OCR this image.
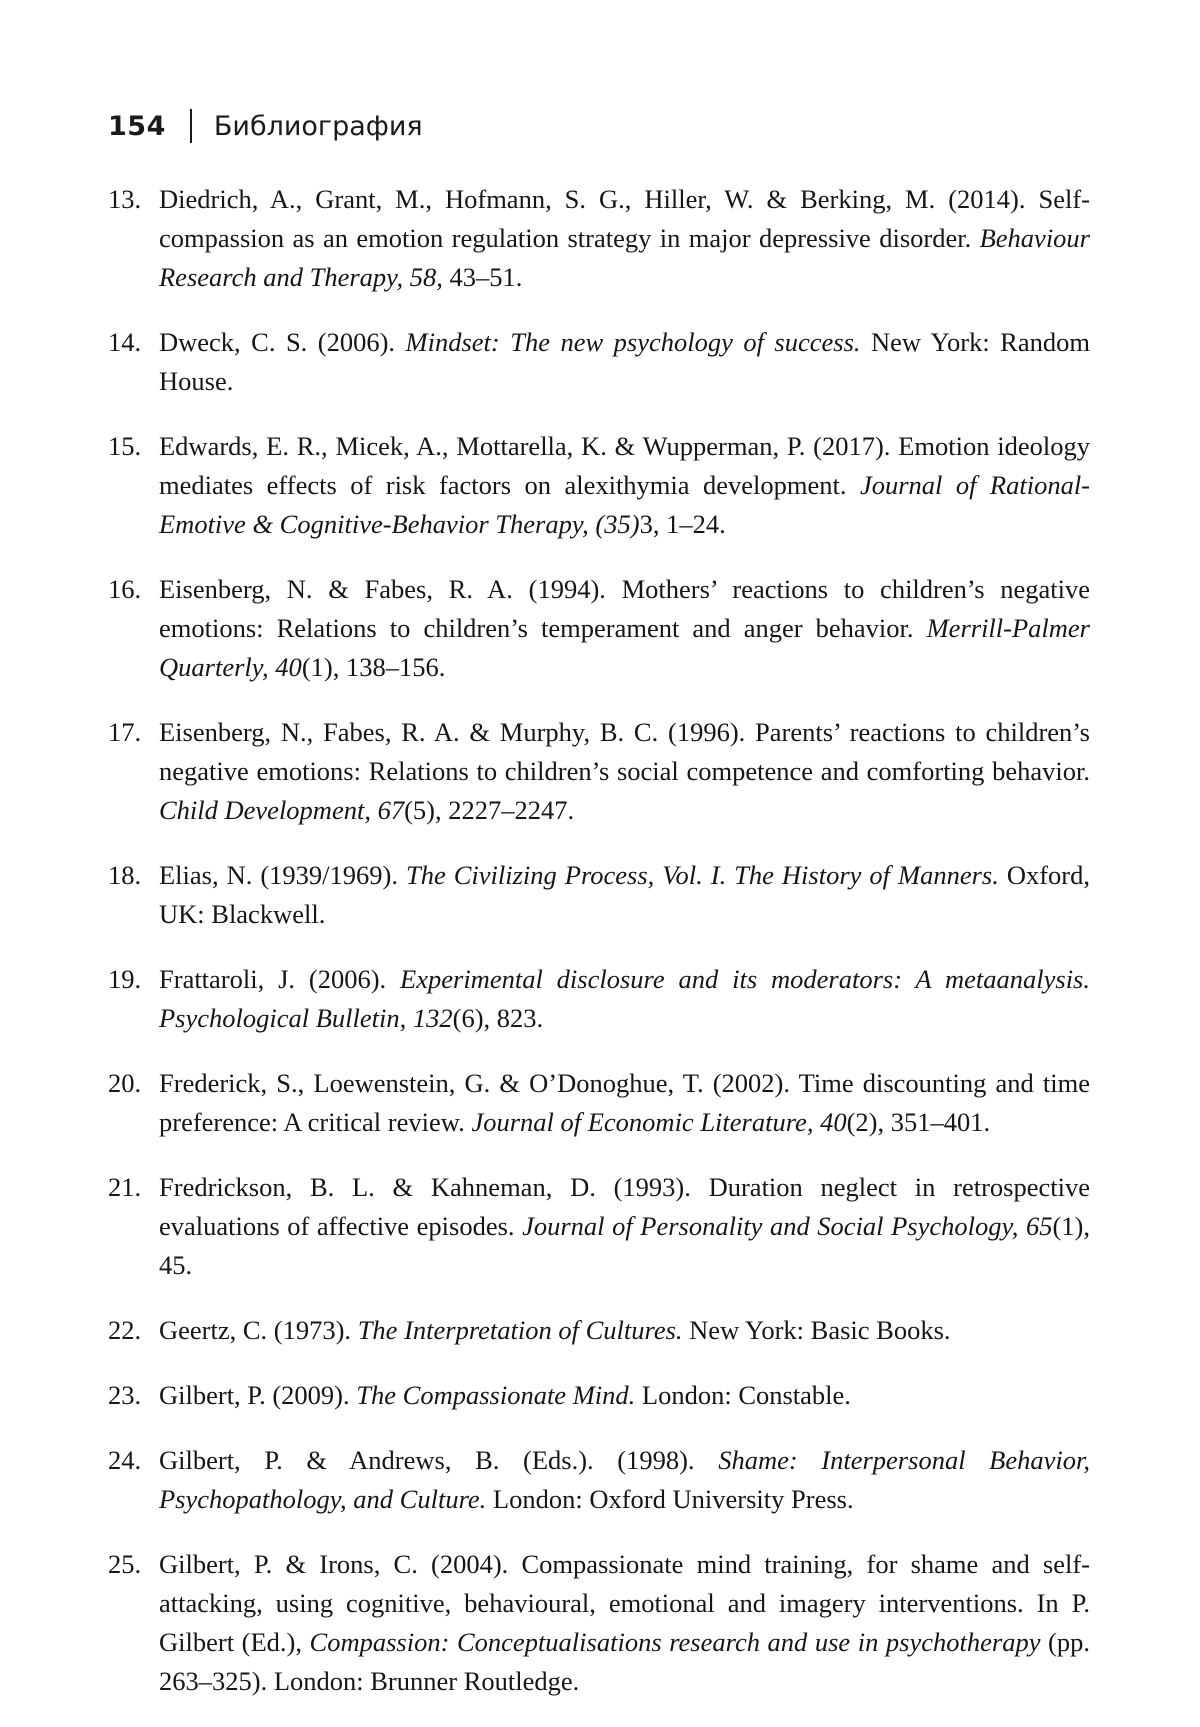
154 Библиография
13. Diedrich, A., Grant, M., Hofmann, S. G., Hiller, W. & Berking, M. (2014). Self-compassion as an emotion regulation strategy in major depressive disorder. Behaviour Research and Therapy, 58, 43–51.
14. Dweck, C. S. (2006). Mindset: The new psychology of success. New York: Random House.
15. Edwards, E. R., Micek, A., Mottarella, K. & Wupperman, P. (2017). Emotion ideology mediates effects of risk factors on alexithymia development. Journal of Rational-Emotive & Cognitive-Behavior Therapy, (35)3, 1–24.
16. Eisenberg, N. & Fabes, R. A. (1994). Mothers’ reactions to children’s negative emotions: Relations to children’s temperament and anger behavior. Merrill-Palmer Quarterly, 40(1), 138–156.
17. Eisenberg, N., Fabes, R. A. & Murphy, B. C. (1996). Parents’ reactions to children’s negative emotions: Relations to children’s social competence and comforting behavior. Child Development, 67(5), 2227–2247.
18. Elias, N. (1939/1969). The Civilizing Process, Vol. I. The History of Manners. Oxford, UK: Blackwell.
19. Frattaroli, J. (2006). Experimental disclosure and its moderators: A metaanalysis. Psychological Bulletin, 132(6), 823.
20. Frederick, S., Loewenstein, G. & O’Donoghue, T. (2002). Time discounting and time preference: A critical review. Journal of Economic Literature, 40(2), 351–401.
21. Fredrickson, B. L. & Kahneman, D. (1993). Duration neglect in retrospective evaluations of affective episodes. Journal of Personality and Social Psychology, 65(1), 45.
22. Geertz, C. (1973). The Interpretation of Cultures. New York: Basic Books.
23. Gilbert, P. (2009). The Compassionate Mind. London: Constable.
24. Gilbert, P. & Andrews, B. (Eds.). (1998). Shame: Interpersonal Behavior, Psychopathology, and Culture. London: Oxford University Press.
25. Gilbert, P. & Irons, C. (2004). Compassionate mind training, for shame and self-attacking, using cognitive, behavioural, emotional and imagery interventions. In P. Gilbert (Ed.), Compassion: Conceptualisations research and use in psychotherapy (pp. 263–325). London: Brunner Routledge.
